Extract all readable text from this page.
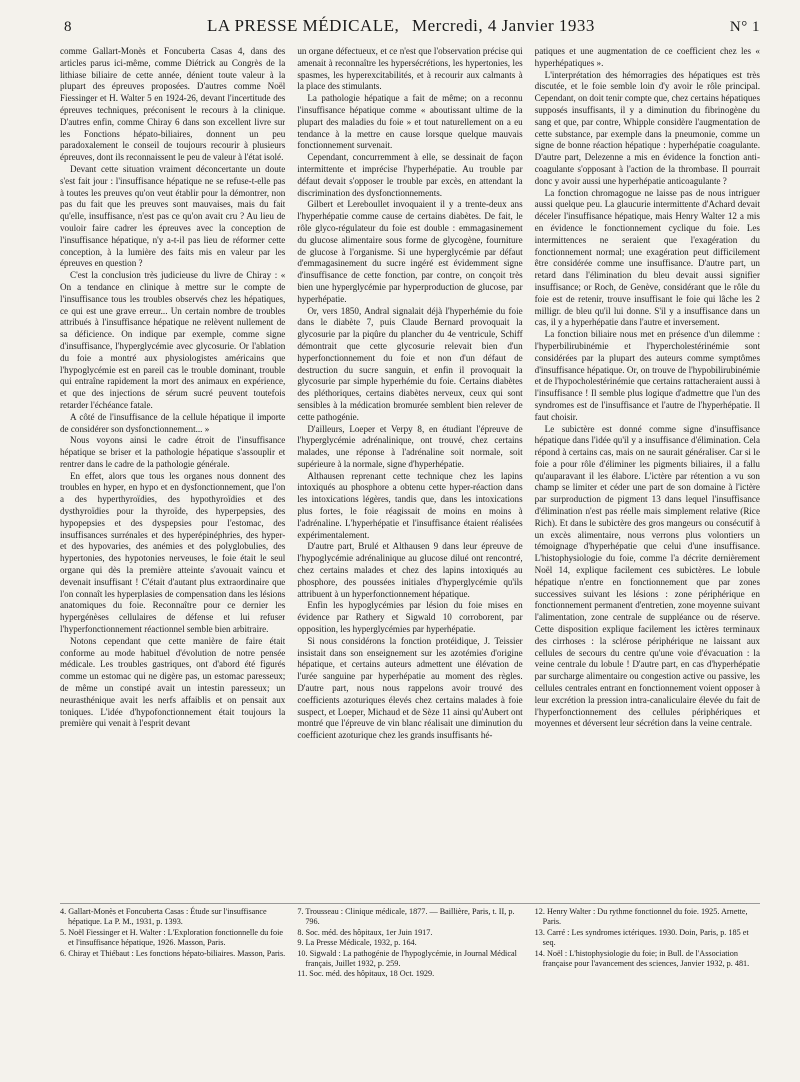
8	LA PRESSE MÉDICALE, Mercredi, 4 Janvier 1933	N° 1

comme Gallart-Monès et Foncuberta Casas 4, dans des articles parus ici-même, comme Diétrick au Congrès de la lithiase biliaire de cette année, dénient toute valeur à la plupart des épreuves proposées. D'autres comme Noël Fiessinger et H. Walter 5 en 1924-26, devant l'incertitude des épreuves techniques, préconisent le recours à la clinique. D'autres enfin, comme Chiray 6 dans son excellent livre sur les Fonctions hépato-biliaires, donnent un peu paradoxalement le conseil de toujours recourir à plusieurs épreuves, dont ils reconnaissent le peu de valeur à l'état isolé.

Devant cette situation vraiment déconcertante un doute s'est fait jour : l'insuffisance hépatique ne se refuse-t-elle pas à toutes les preuves qu'on veut établir pour la démontrer, non pas du fait que les preuves sont mauvaises, mais du fait qu'elle, insuffisance, n'est pas ce qu'on avait cru ? Au lieu de vouloir faire cadrer les épreuves avec la conception de l'insuffisance hépatique, n'y a-t-il pas lieu de réformer cette conception, à la lumière des faits mis en valeur par les épreuves en question ?

C'est la conclusion très judicieuse du livre de Chiray : « On a tendance en clinique à mettre sur le compte de l'insuffisance tous les troubles observés chez les hépatiques, ce qui est une grave erreur... Un certain nombre de troubles attribués à l'insuffisance hépatique ne relèvent nullement de sa déficience. On indique par exemple, comme signe d'insuffisance, l'hyperglycémie avec glycosurie. Or l'ablation du foie a montré aux physiologistes américains que l'hypoglycémie est en pareil cas le trouble dominant, trouble qui entraîne rapidement la mort des animaux en expérience, et que des injections de sérum sucré peuvent toutefois retarder l'échéance fatale.

A côté de l'insuffisance de la cellule hépatique il importe de considérer son dysfonctionnement... »

Nous voyons ainsi le cadre étroit de l'insuffisance hépatique se briser et la pathologie hépatique s'assouplir et rentrer dans le cadre de la pathologie générale.

En effet, alors que tous les organes nous donnent des troubles en hyper, en hypo et en dysfonctionnement, que l'on a des hyperthyroïdies, des hypothyroïdies et des dysthyroïdies pour la thyroïde, des hyperpepsies, des hypopepsies et des dyspepsies pour l'estomac, des insuffisances surrénales et des hyperépinéphries, des hyper- et des hypovaries, des anémies et des polyglobulies, des hypertonies, des hypotonies nerveuses, le foie était le seul organe qui dès la première atteinte s'avouait vaincu et devenait insuffisant ! C'était d'autant plus extraordinaire que l'on connaît les hyperplasies de compensation dans les lésions anatomiques du foie. Reconnaître pour ce dernier les hypergénèses cellulaires de défense et lui refuser l'hyperfonctionnement réactionnel semble bien arbitraire.

Notons cependant que cette manière de faire était conforme au mode habituel d'évolution de notre pensée médicale. Les troubles gastriques, ont d'abord été figurés comme un estomac qui ne digère pas, un estomac paresseux; de même un constipé avait un intestin paresseux; un neurasthénique avait les nerfs affaiblis et on pensait aux toniques. L'idée d'hypofonctionnement était toujours la première qui venait à l'esprit devant

un organe défectueux, et ce n'est que l'observation précise qui amenait à reconnaître les hypersécrétions, les hypertonies, les spasmes, les hyperexcitabilités, et à recourir aux calmants à la place des stimulants.

La pathologie hépatique a fait de même; on a reconnu l'insuffisance hépatique comme « aboutissant ultime de la plupart des maladies du foie » et tout naturellement on a eu tendance à la mettre en cause lorsque quelque mauvais fonctionnement survenait.

Cependant, concurremment à elle, se dessinait de façon intermittente et imprécise l'hyperhépatie. Au trouble par défaut devait s'opposer le trouble par excès, en attendant la discrimination des dysfonctionnements.

Gilbert et Lereboullet invoquaient il y a trente-deux ans l'hyperhépatie comme cause de certains diabètes. De fait, le rôle glyco-régulateur du foie est double : emmagasinement du glucose alimentaire sous forme de glycogène, fourniture de glucose à l'organisme. Si une hyperglycémie par défaut d'emmagasinement du sucre ingéré est évidemment signe d'insuffisance de cette fonction, par contre, on conçoit très bien une hyperglycémie par hyperproduction de glucose, par hyperhépatie.

Or, vers 1850, Andral signalait déjà l'hyperhémie du foie dans le diabète 7, puis Claude Bernard provoquait la glycosurie par la piqûre du plancher du 4e ventricule, Schiff démontrait que cette glycosurie relevait bien d'un hyperfonctionnement du foie et non d'un défaut de destruction du sucre sanguin, et enfin il provoquait la glycosurie par simple hyperhémie du foie. Certains diabètes des pléthoriques, certains diabètes nerveux, ceux qui sont sensibles à la médication bromurée semblent bien relever de cette pathogénie.

D'ailleurs, Loeper et Verpy 8, en étudiant l'épreuve de l'hyperglycémie adrénalinique, ont trouvé, chez certains malades, une réponse à l'adrénaline soit normale, soit supérieure à la normale, signe d'hyperhépatie.

Althausen reprenant cette technique chez les lapins intoxiqués au phosphore a obtenu cette hyper-réaction dans les intoxications légères, tandis que, dans les intoxications plus fortes, le foie réagissait de moins en moins à l'adrénaline. L'hyperhépatie et l'insuffisance étaient réalisées expérimentalement.

D'autre part, Brulé et Althausen 9 dans leur épreuve de l'hypoglycémie adrénalinique au glucose dilué ont rencontré, chez certains malades et chez des lapins intoxiqués au phosphore, des poussées initiales d'hyperglycémie qu'ils attribuent à un hyperfonctionnement hépatique.

Enfin les hypoglycémies par lésion du foie mises en évidence par Rathery et Sigwald 10 corroborent, par opposition, les hyperglycémies par hyperhépatie.

Si nous considérons la fonction protéidique, J. Teissier insistait dans son enseignement sur les azotémies d'origine hépatique, et certains auteurs admettent une élévation de l'urée sanguine par hyperhépatie au moment des règles. D'autre part, nous nous rappelons avoir trouvé des coefficients azoturiques élevés chez certains malades à foie suspect, et Loeper, Michaud et de Sèze 11 ainsi qu'Aubert ont montré que l'épreuve de vin blanc réalisait une diminution du coefficient azoturique chez les grands insuffisants hé-

patiques et une augmentation de ce coefficient chez les « hyperhépatiques ».

L'interprétation des hémorragies des hépatiques est très discutée, et le foie semble loin d'y avoir le rôle principal. Cependant, on doit tenir compte que, chez certains hépatiques supposés insuffisants, il y a diminution du fibrinogène du sang et que, par contre, Whipple considère l'augmentation de cette substance, par exemple dans la pneumonie, comme un signe de bonne réaction hépatique : hyperhépatie coagulante. D'autre part, Delezenne a mis en évidence la fonction anti-coagulante s'opposant à l'action de la thrombase. Il pourrait donc y avoir aussi une hyperhépatie anticoagulante ?

La fonction chromagogue ne laisse pas de nous intriguer aussi quelque peu. La glaucurie intermittente d'Achard devait déceler l'insuffisance hépatique, mais Henry Walter 12 a mis en évidence le fonctionnement cyclique du foie. Les intermittences ne seraient que l'exagération du fonctionnement normal; une exagération peut difficilement être considérée comme une insuffisance. D'autre part, un retard dans l'élimination du bleu devait aussi signifier insuffisance; or Roch, de Genève, considérant que le rôle du foie est de retenir, trouve insuffisant le foie qui lâche les 2 milligr. de bleu qu'il lui donne. S'il y a insuffisance dans un cas, il y a hyperhépatie dans l'autre et inversement.

La fonction biliaire nous met en présence d'un dilemme : l'hyperbilirubinémie et l'hypercholestérinémie sont considérées par la plupart des auteurs comme symptômes d'insuffisance hépatique. Or, on trouve de l'hypobilirubinémie et de l'hypocholestérinémie que certains rattacheraient aussi à l'insuffisance ! Il semble plus logique d'admettre que l'un des syndromes est de l'insuffisance et l'autre de l'hyperhépatie. Il faut choisir.

Le subictère est donné comme signe d'insuffisance hépatique dans l'idée qu'il y a insuffisance d'élimination. Cela répond à certains cas, mais on ne saurait généraliser. Car si le foie a pour rôle d'éliminer les pigments biliaires, il a fallu qu'auparavant il les élabore. L'ictère par rétention a vu son champ se limiter et céder une part de son domaine à l'ictère par surproduction de pigment 13 dans lequel l'insuffisance d'élimination n'est pas réelle mais simplement relative (Rice Rich). Et dans le subictère des gros mangeurs ou consécutif à un excès alimentaire, nous verrons plus volontiers un témoignage d'hyperhépatie que celui d'une insuffisance. L'histophysiologie du foie, comme l'a décrite dernièrement Noël 14, explique facilement ces subictères. Le lobule hépatique n'entre en fonctionnement que par zones successives suivant les lésions : zone périphérique en fonctionnement permanent d'entretien, zone moyenne suivant l'alimentation, zone centrale de suppléance ou de réserve. Cette disposition explique facilement les ictères terminaux des cirrhoses : la sclérose périphérique ne laissant aux cellules de secours du centre qu'une voie d'évacuation : la veine centrale du lobule ! D'autre part, en cas d'hyperhépatie par surcharge alimentaire ou congestion active ou passive, les cellules centrales entrant en fonctionnement voient opposer à leur excrétion la pression intra-canaliculaire élevée du fait de l'hyperfonctionnement des cellules périphériques et moyennes et déversent leur sécrétion dans la veine centrale.

4. Gallart-Monès et Foncuberta Casas : Étude sur l'insuffisance hépatique. La P. M., 1931, p. 1393.
5. Noël Fiessinger et H. Walter : L'Exploration fonctionnelle du foie et l'insuffisance hépatique, 1926. Masson, Paris.
6. Chiray et Thiébaut : Les fonctions hépato-biliaires. Masson, Paris.
7. Trousseau : Clinique médicale, 1877. — Baillière, Paris, t. II, p. 796.
8. Soc. méd. des hôpitaux, 1er Juin 1917.
9. La Presse Médicale, 1932, p. 164.
10. Sigwald : La pathogénie de l'hypoglycémie, in Journal Médical français, Juillet 1932, p. 259.
11. Soc. méd. des hôpitaux, 18 Oct. 1929.
12. Henry Walter : Du rythme fonctionnel du foie. 1925. Arnette, Paris.
13. Carré : Les syndromes ictériques. 1930. Doin, Paris, p. 185 et seq.
14. Noël : L'histophysiologie du foie; in Bull. de l'Association française pour l'avancement des sciences, Janvier 1932, p. 481.
